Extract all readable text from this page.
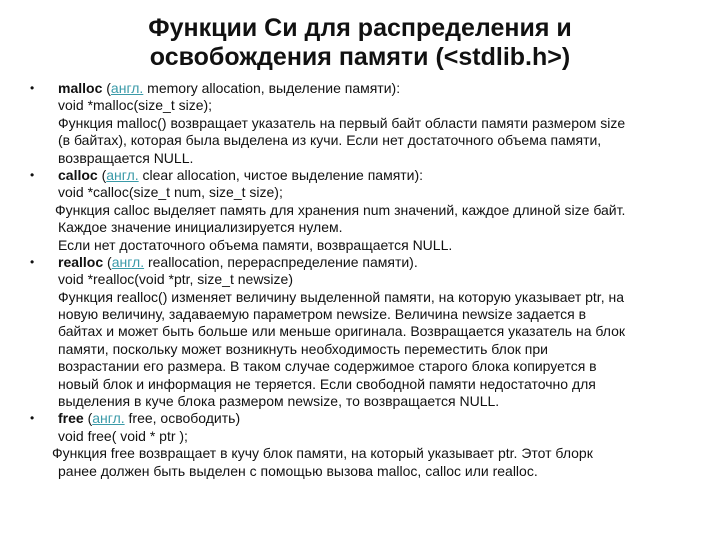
Функции Си для распределения и
освобождения памяти (<stdlib.h>)
• malloc (англ. memory allocation, выделение памяти):
void *malloc(size_t size);
Функция malloc() возвращает указатель на первый байт области памяти размером size
(в байтах), которая была выделена из кучи. Если нет достаточного объема памяти,
возвращается NULL.
• calloc (англ. clear allocation, чистое выделение памяти):
void *calloc(size_t num, size_t size);
Функция calloc выделяет память для хранения num значений, каждое длиной size байт.
Каждое значение инициализируется нулем.
Если нет достаточного объема памяти, возвращается NULL.
• realloc (англ. reallocation, перераспределение памяти).
void *realloc(void *ptr, size_t newsize)
Функция realloc() изменяет величину выделенной памяти, на которую указывает ptr, на
новую величину, задаваемую параметром newsize. Величина newsize задается в
байтах и может быть больше или меньше оригинала. Возвращается указатель на блок
памяти, поскольку может возникнуть необходимость переместить блок при
возрастании его размера. В таком случае содержимое старого блока копируется в
новый блок и информация не теряется. Если свободной памяти недостаточно для
выделения в куче блока размером newsize, то возвращается NULL.
• free (англ. free, освободить)
void free( void * ptr );
Функция free возвращает в кучу блок памяти, на который указывает ptr. Этот блорк
ранее должен быть выделен с помощью вызова malloc, calloc или realloc.
